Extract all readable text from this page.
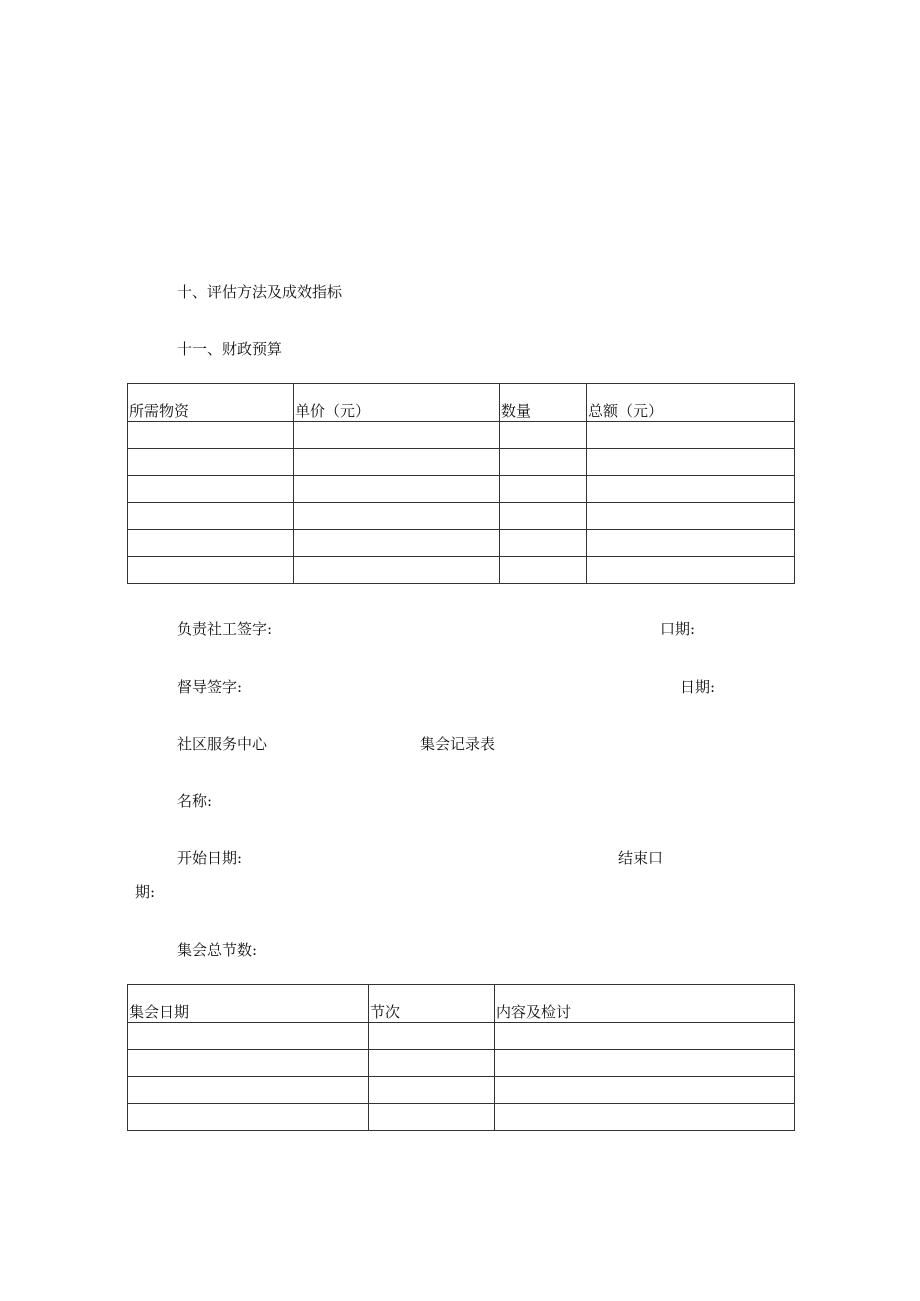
十、评估方法及成效指标
十一、财政预算
所需物资	单价（元）	数量	总额（元）

负责社工签字:	口期:
督导签字:	日期:
社区服务中心	集会记录表
名称:
开始日期:	结束口
期:
集会总节数:
集会日期	节次	内容及检讨
